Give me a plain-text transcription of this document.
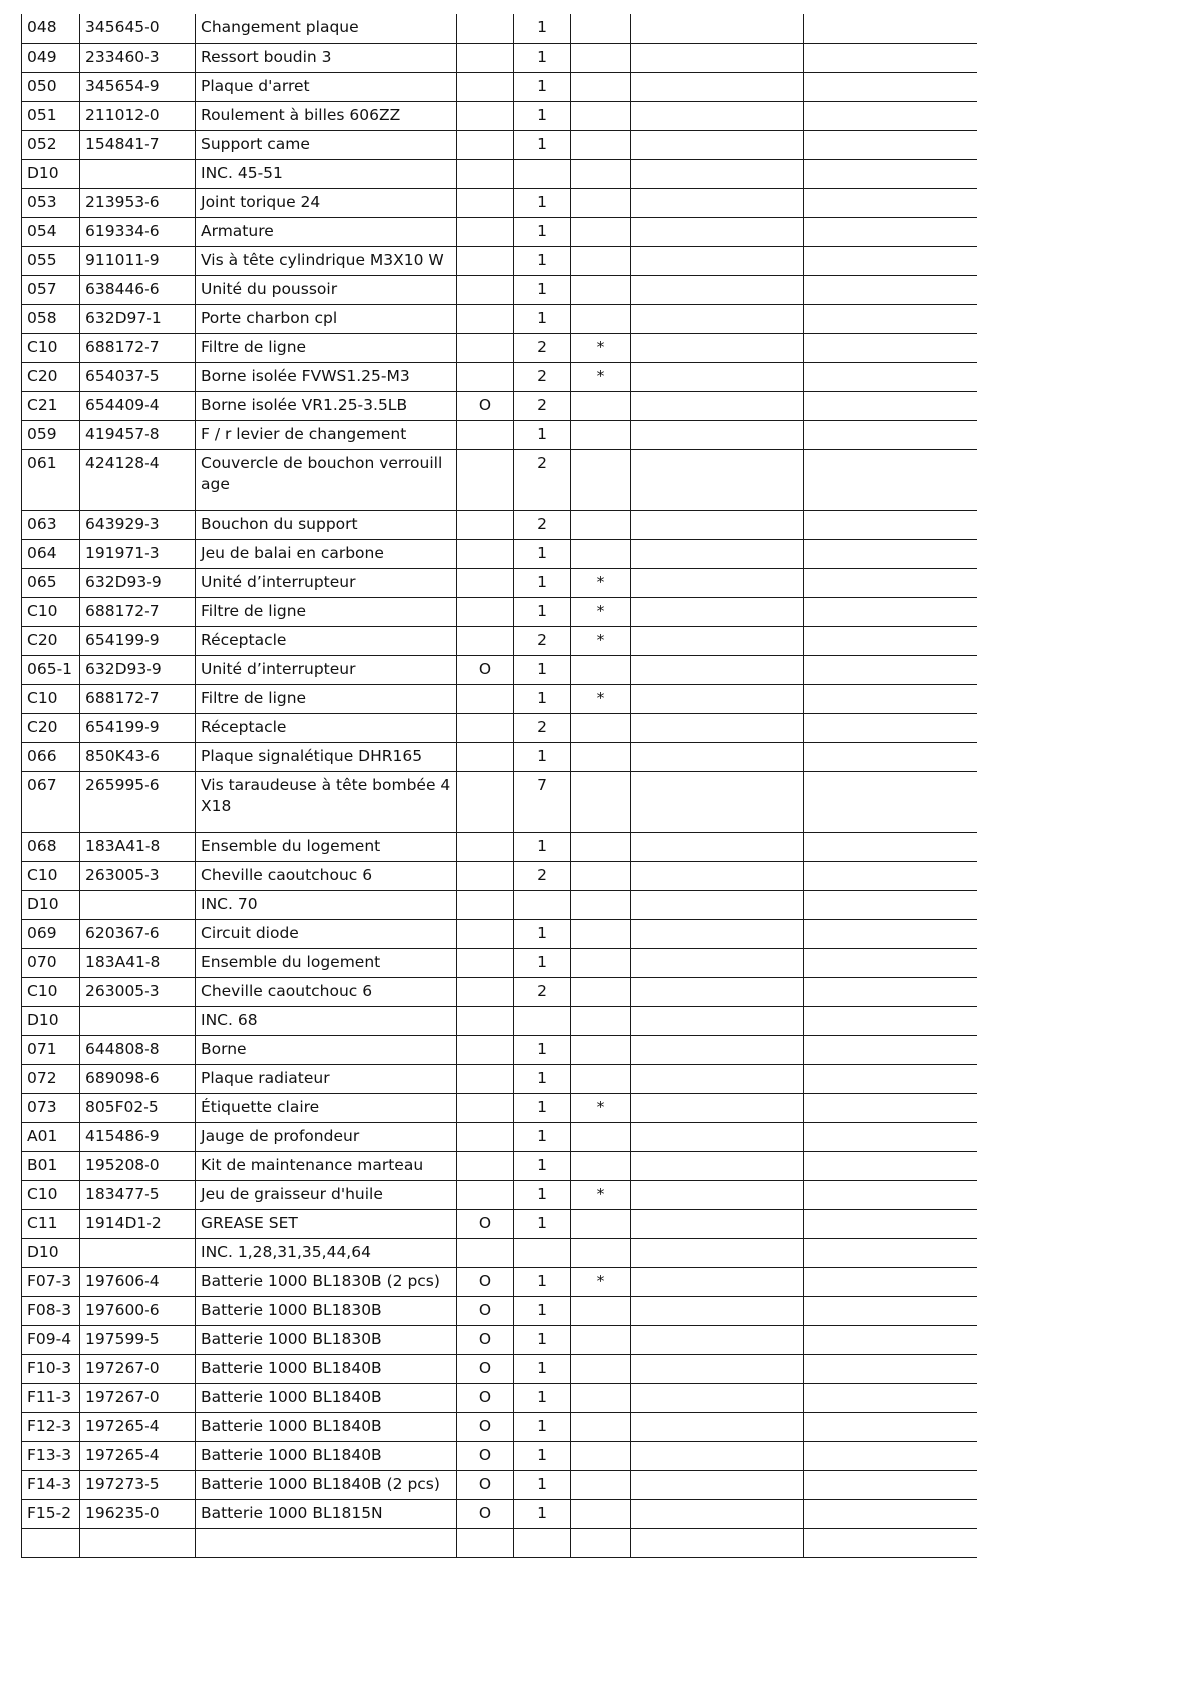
048	345645-0	Changement plaque		1			
049	233460-3	Ressort boudin 3		1			
050	345654-9	Plaque d'arret		1			
051	211012-0	Roulement à billes 606ZZ		1			
052	154841-7	Support came		1			
D10		INC. 45-51					
053	213953-6	Joint torique 24		1			
054	619334-6	Armature		1			
055	911011-9	Vis à tête cylindrique M3X10 W		1			
057	638446-6	Unité du poussoir		1			
058	632D97-1	Porte charbon cpl		1			
C10	688172-7	Filtre de ligne		2	*		
C20	654037-5	Borne isolée FVWS1.25-M3		2	*		
C21	654409-4	Borne isolée VR1.25-3.5LB	O	2			
059	419457-8	F / r levier de changement		1			
061	424128-4	Couvercle de bouchon verrouillage		2			
063	643929-3	Bouchon du support		2			
064	191971-3	Jeu de balai en carbone		1			
065	632D93-9	Unité d’interrupteur		1	*		
C10	688172-7	Filtre de ligne		1	*		
C20	654199-9	Réceptacle		2	*		
065-1	632D93-9	Unité d’interrupteur	O	1			
C10	688172-7	Filtre de ligne		1	*		
C20	654199-9	Réceptacle		2			
066	850K43-6	Plaque signalétique DHR165		1			
067	265995-6	Vis taraudeuse à tête bombée 4X18		7			
068	183A41-8	Ensemble du logement		1			
C10	263005-3	Cheville caoutchouc 6		2			
D10		INC. 70					
069	620367-6	Circuit diode		1			
070	183A41-8	Ensemble du logement		1			
C10	263005-3	Cheville caoutchouc 6		2			
D10		INC. 68					
071	644808-8	Borne		1			
072	689098-6	Plaque radiateur		1			
073	805F02-5	Étiquette claire		1	*		
A01	415486-9	Jauge de profondeur		1			
B01	195208-0	Kit de maintenance marteau		1			
C10	183477-5	Jeu de graisseur d'huile		1	*		
C11	1914D1-2	GREASE SET	O	1			
D10		INC. 1,28,31,35,44,64					
F07-3	197606-4	Batterie 1000 BL1830B (2 pcs)	O	1	*		
F08-3	197600-6	Batterie 1000 BL1830B	O	1			
F09-4	197599-5	Batterie 1000 BL1830B	O	1			
F10-3	197267-0	Batterie 1000 BL1840B	O	1			
F11-3	197267-0	Batterie 1000 BL1840B	O	1			
F12-3	197265-4	Batterie 1000 BL1840B	O	1			
F13-3	197265-4	Batterie 1000 BL1840B	O	1			
F14-3	197273-5	Batterie 1000 BL1840B (2 pcs)	O	1			
F15-2	196235-0	Batterie 1000 BL1815N	O	1			
